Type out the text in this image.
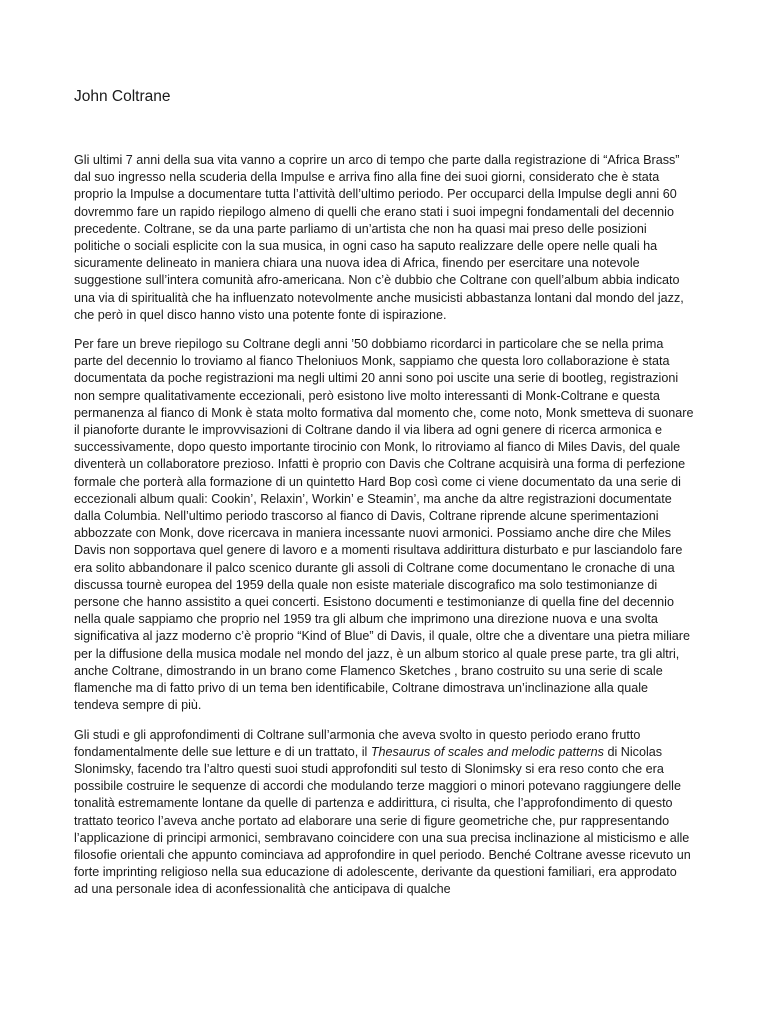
John Coltrane

Gli ultimi 7 anni della sua vita vanno a coprire un arco di tempo che parte dalla registrazione di “Africa Brass” dal suo ingresso nella scuderia della Impulse e arriva fino alla fine dei suoi giorni, considerato che è stata proprio la Impulse a documentare tutta l’attività dell’ultimo periodo. Per occuparci della Impulse degli anni 60 dovremmo fare un rapido riepilogo almeno di quelli che erano stati i suoi impegni fondamentali del decennio precedente. Coltrane, se da una parte parliamo di un’artista che non ha quasi mai preso delle posizioni politiche o sociali esplicite con la sua musica, in ogni caso ha saputo realizzare delle opere nelle quali ha sicuramente delineato in maniera chiara una nuova idea di Africa, finendo per esercitare una notevole suggestione sull’intera comunità afro-americana. Non c’è dubbio che Coltrane con quell’album abbia indicato una via di spiritualità che ha influenzato notevolmente anche musicisti abbastanza lontani dal mondo del jazz, che però in quel disco hanno visto una potente fonte di ispirazione.

Per fare un breve riepilogo su Coltrane degli anni ’50 dobbiamo ricordarci in particolare che se nella prima parte del decennio lo troviamo al fianco Theloniuos Monk, sappiamo che questa loro collaborazione è stata documentata da poche registrazioni ma negli ultimi 20 anni sono poi uscite una serie di bootleg, registrazioni non sempre qualitativamente eccezionali, però esistono live molto interessanti di Monk-Coltrane e questa permanenza al fianco di Monk è stata molto formativa dal momento che, come noto, Monk smetteva di suonare il pianoforte durante le improvvisazioni di Coltrane dando il via libera ad ogni genere di ricerca armonica e successivamente, dopo questo importante tirocinio con Monk, lo ritroviamo al fianco di Miles Davis, del quale diventerà un collaboratore prezioso. Infatti è proprio con Davis che Coltrane acquisirà una forma di perfezione formale che porterà alla formazione di un quintetto Hard Bop così come ci viene documentato da una serie di eccezionali album quali: Cookin’, Relaxin’, Workin’ e Steamin’, ma anche da altre registrazioni documentate dalla Columbia. Nell’ultimo periodo trascorso al fianco di Davis, Coltrane riprende alcune sperimentazioni abbozzate con Monk, dove ricercava in maniera incessante nuovi armonici. Possiamo anche dire che Miles Davis non sopportava quel genere di lavoro e a momenti risultava addirittura disturbato e pur lasciandolo fare era solito abbandonare il palco scenico durante gli assoli di Coltrane come documentano le cronache di una discussa tournè europea del 1959 della quale non esiste materiale discografico ma solo testimonianze di persone che hanno assistito a quei concerti. Esistono documenti e testimonianze di quella fine del decennio nella quale sappiamo che proprio nel 1959 tra gli album che imprimono una direzione nuova e una svolta significativa al jazz moderno c’è proprio “Kind of Blue” di Davis, il quale, oltre che a diventare una pietra miliare per la diffusione della musica modale nel mondo del jazz, è un album storico al quale prese parte, tra gli altri, anche Coltrane, dimostrando in un brano come Flamenco Sketches , brano costruito su una serie di scale flamenche ma di fatto privo di un tema ben identificabile, Coltrane dimostrava un’inclinazione alla quale tendeva sempre di più.

Gli studi e gli approfondimenti di Coltrane sull’armonia che aveva svolto in questo periodo erano frutto fondamentalmente delle sue letture e di un trattato, il Thesaurus of scales and melodic patterns di Nicolas Slonimsky, facendo tra l’altro questi suoi studi approfonditi sul testo di Slonimsky si era reso conto che era possibile costruire le sequenze di accordi che modulando terze maggiori o minori potevano raggiungere delle tonalità estremamente lontane da quelle di partenza e addirittura, ci risulta, che l’approfondimento di questo trattato teorico l’aveva anche portato ad elaborare una serie di figure geometriche che, pur rappresentando l’applicazione di principi armonici, sembravano coincidere con una sua precisa inclinazione al misticismo e alle filosofie orientali che appunto cominciava ad approfondire in quel periodo. Benché Coltrane avesse ricevuto un forte imprinting religioso nella sua educazione di adolescente, derivante da questioni familiari, era approdato ad una personale idea di aconfessionalità che anticipava di qualche
